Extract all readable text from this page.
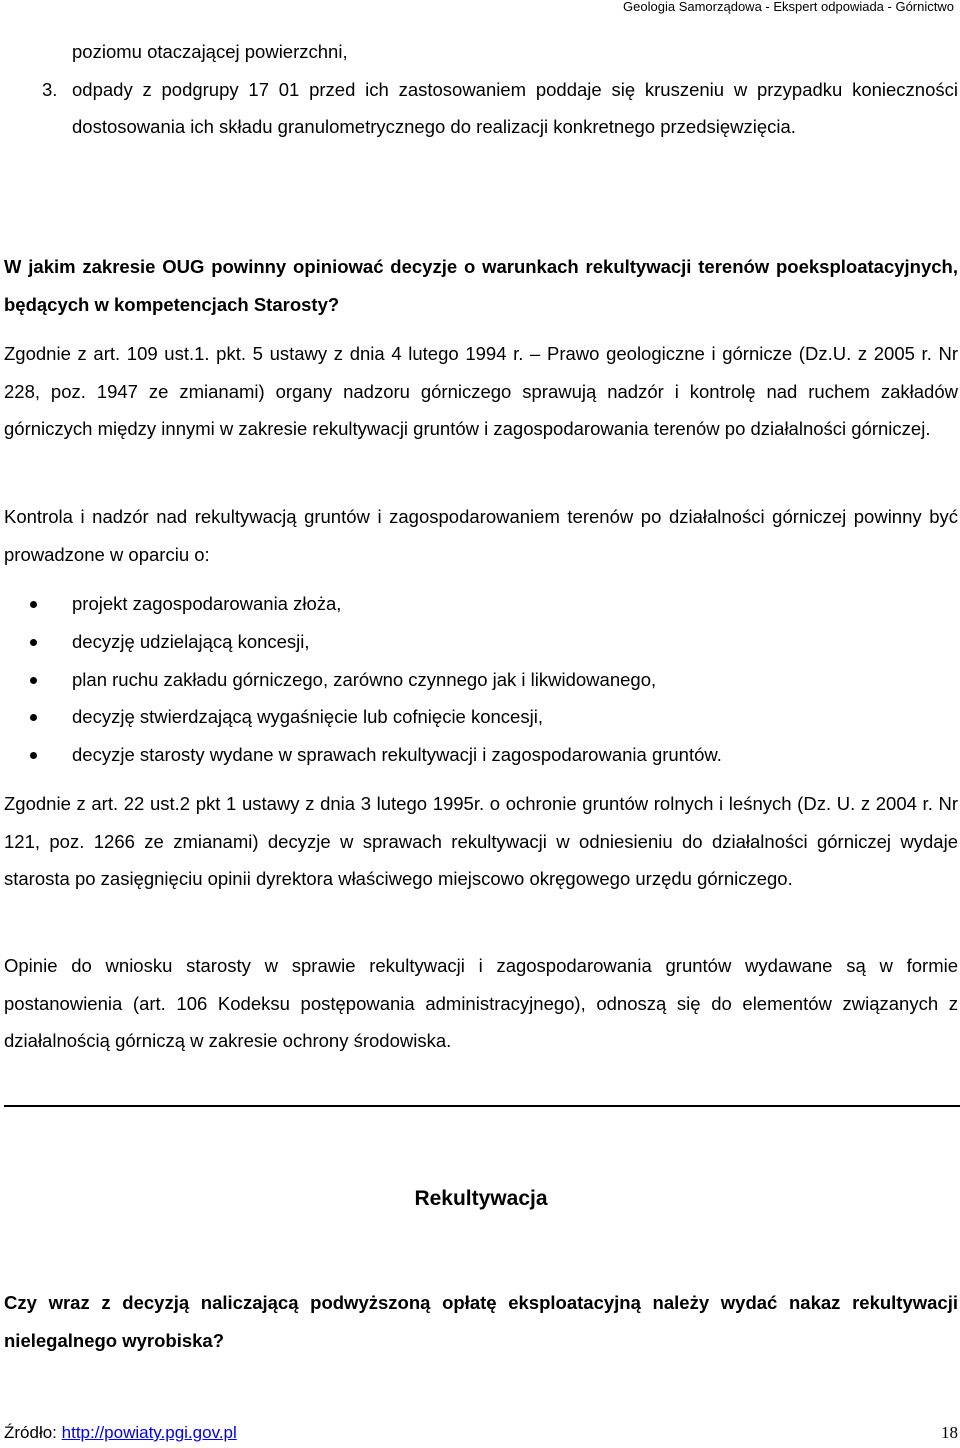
Geologia Samorządowa - Ekspert odpowiada - Górnictwo

poziomu otaczającej powierzchni,

3. odpady z podgrupy 17 01 przed ich zastosowaniem poddaje się kruszeniu w przypadku konieczności dostosowania ich składu granulometrycznego do realizacji konkretnego przedsięwzięcia.

W jakim zakresie OUG powinny opiniować decyzje o warunkach rekultywacji terenów poeksploatacyjnych, będących w kompetencjach Starosty?

Zgodnie z art. 109 ust.1. pkt. 5 ustawy z dnia 4 lutego 1994 r. – Prawo geologiczne i górnicze (Dz.U. z 2005 r. Nr 228, poz. 1947 ze zmianami) organy nadzoru górniczego sprawują nadzór i kontrolę nad ruchem zakładów górniczych między innymi w zakresie rekultywacji gruntów i zagospodarowania terenów po działalności górniczej.

Kontrola i nadzór nad rekultywacją gruntów i zagospodarowaniem terenów po działalności górniczej powinny być prowadzone w oparciu o:

projekt zagospodarowania złoża,
decyzję udzielającą koncesji,
plan ruchu zakładu górniczego, zarówno czynnego jak i likwidowanego,
decyzję stwierdzającą wygaśnięcie lub cofnięcie koncesji,
decyzje starosty wydane w sprawach rekultywacji i zagospodarowania gruntów.

Zgodnie z art. 22 ust.2 pkt 1 ustawy z dnia 3 lutego 1995r. o ochronie gruntów rolnych i leśnych (Dz. U. z 2004 r. Nr 121, poz. 1266 ze zmianami) decyzje w sprawach rekultywacji w odniesieniu do działalności górniczej wydaje starosta po zasięgnięciu opinii dyrektora właściwego miejscowo okręgowego urzędu górniczego.

Opinie do wniosku starosty w sprawie rekultywacji i zagospodarowania gruntów wydawane są w formie postanowienia (art. 106 Kodeksu postępowania administracyjnego), odnoszą się do elementów związanych z działalnością górniczą w zakresie ochrony środowiska.

Rekultywacja

Czy wraz z decyzją naliczającą podwyższoną opłatę eksploatacyjną należy wydać nakaz rekultywacji nielegalnego wyrobiska?

Źródło: http://powiaty.pgi.gov.pl	18
